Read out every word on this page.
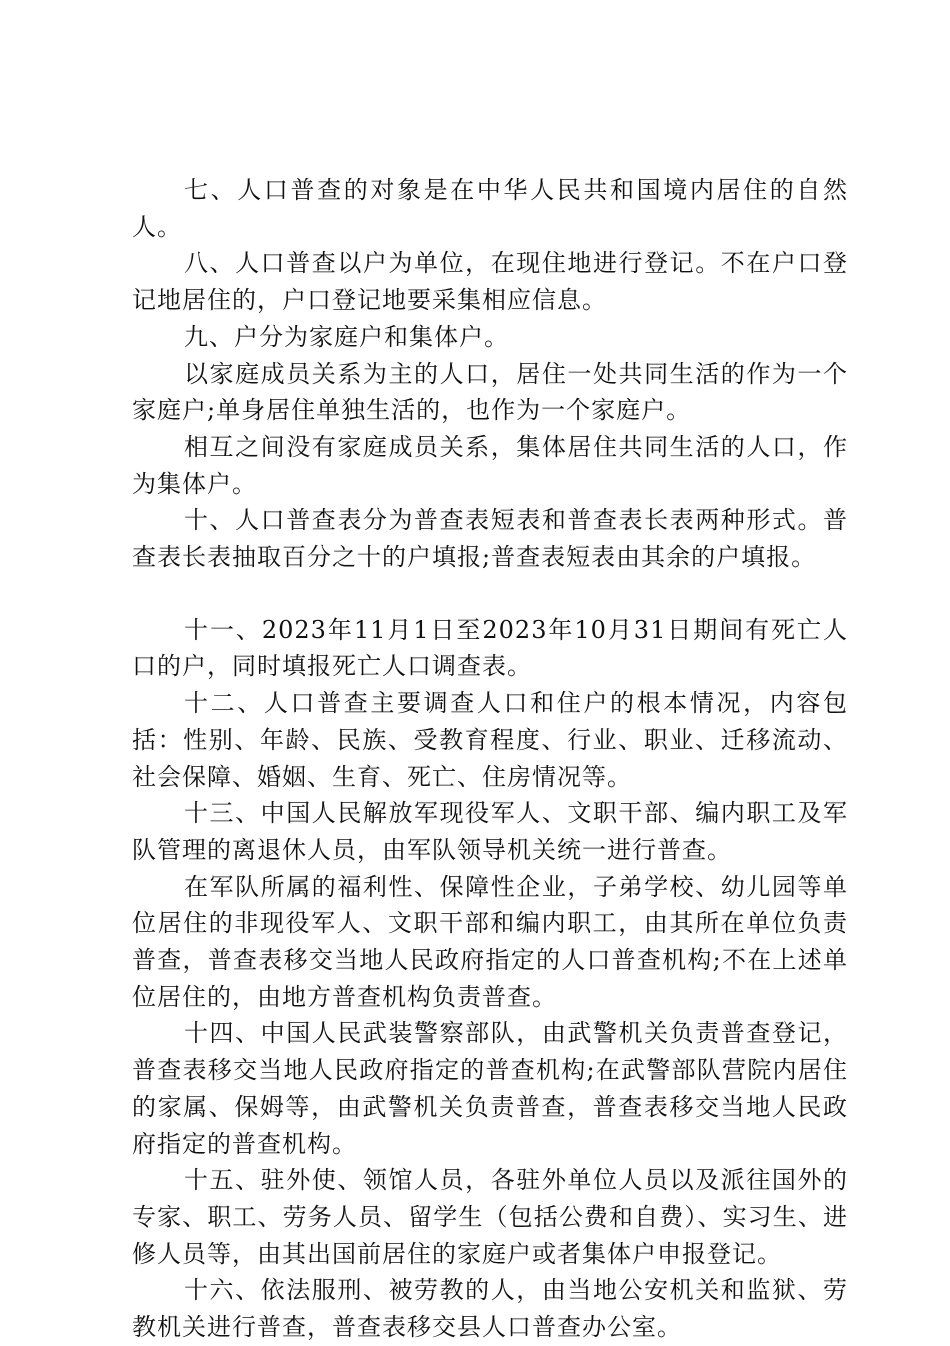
七、人口普查的对象是在中华人民共和国境内居住的自然人。

八、人口普查以户为单位，在现住地进行登记。不在户口登记地居住的，户口登记地要采集相应信息。

九、户分为家庭户和集体户。

以家庭成员关系为主的人口，居住一处共同生活的作为一个家庭户;单身居住单独生活的，也作为一个家庭户。

相互之间没有家庭成员关系，集体居住共同生活的人口，作为集体户。

十、人口普查表分为普查表短表和普查表长表两种形式。普查表长表抽取百分之十的户填报;普查表短表由其余的户填报。

十一、2023年11月1日至2023年10月31日期间有死亡人口的户，同时填报死亡人口调查表。

十二、人口普查主要调查人口和住户的根本情况，内容包括：性别、年龄、民族、受教育程度、行业、职业、迁移流动、社会保障、婚姻、生育、死亡、住房情况等。

十三、中国人民解放军现役军人、文职干部、编内职工及军队管理的离退休人员，由军队领导机关统一进行普查。

在军队所属的福利性、保障性企业，子弟学校、幼儿园等单位居住的非现役军人、文职干部和编内职工，由其所在单位负责普查，普查表移交当地人民政府指定的人口普查机构;不在上述单位居住的，由地方普查机构负责普查。

十四、中国人民武装警察部队，由武警机关负责普查登记，普查表移交当地人民政府指定的普查机构;在武警部队营院内居住的家属、保姆等，由武警机关负责普查，普查表移交当地人民政府指定的普查机构。

十五、驻外使、领馆人员，各驻外单位人员以及派往国外的专家、职工、劳务人员、留学生（包括公费和自费）、实习生、进修人员等，由其出国前居住的家庭户或者集体户申报登记。

十六、依法服刑、被劳教的人，由当地公安机关和监狱、劳教机关进行普查，普查表移交县人口普查办公室。
